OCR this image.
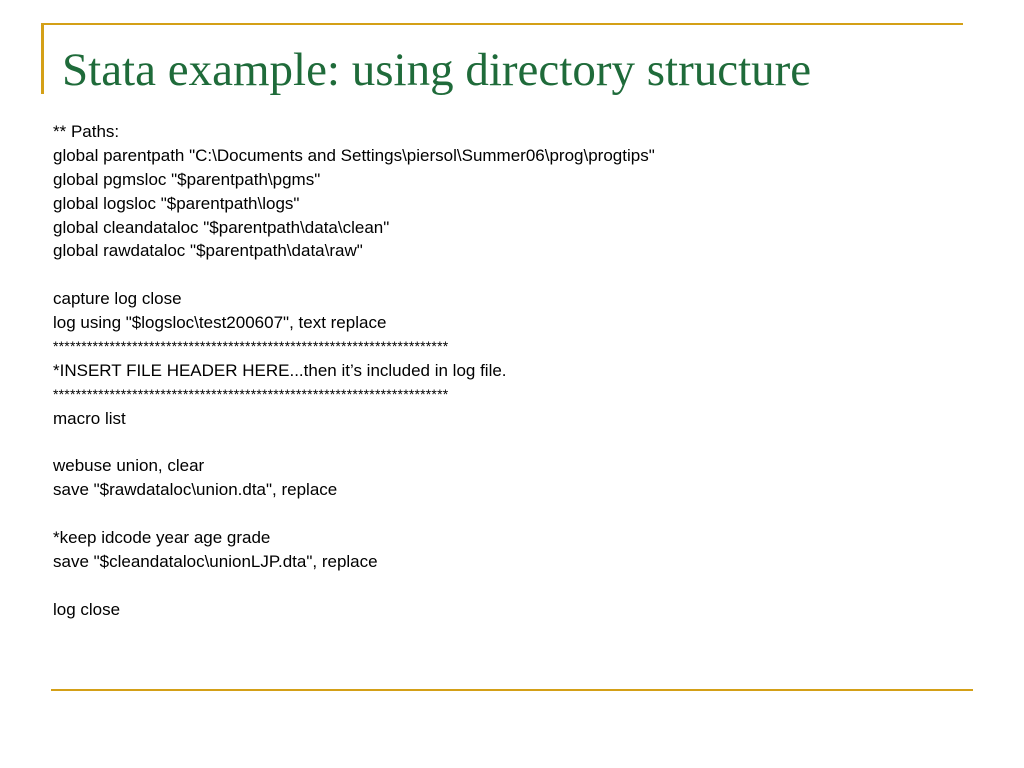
Stata example: using directory structure
** Paths:
global parentpath "C:\Documents and Settings\piersol\Summer06\prog\progtips"
global pgmsloc "$parentpath\pgms"
global logsloc "$parentpath\logs"
global cleandataloc "$parentpath\data\clean"
global rawdataloc "$parentpath\data\raw"
capture log close
log using "$logsloc\test200607", text replace
**********************************************************************
*INSERT FILE HEADER HERE...then it’s included in log file.
**********************************************************************
macro list
webuse union, clear
save "$rawdataloc\union.dta", replace
*keep idcode year age grade
save "$cleandataloc\unionLJP.dta", replace
log close
